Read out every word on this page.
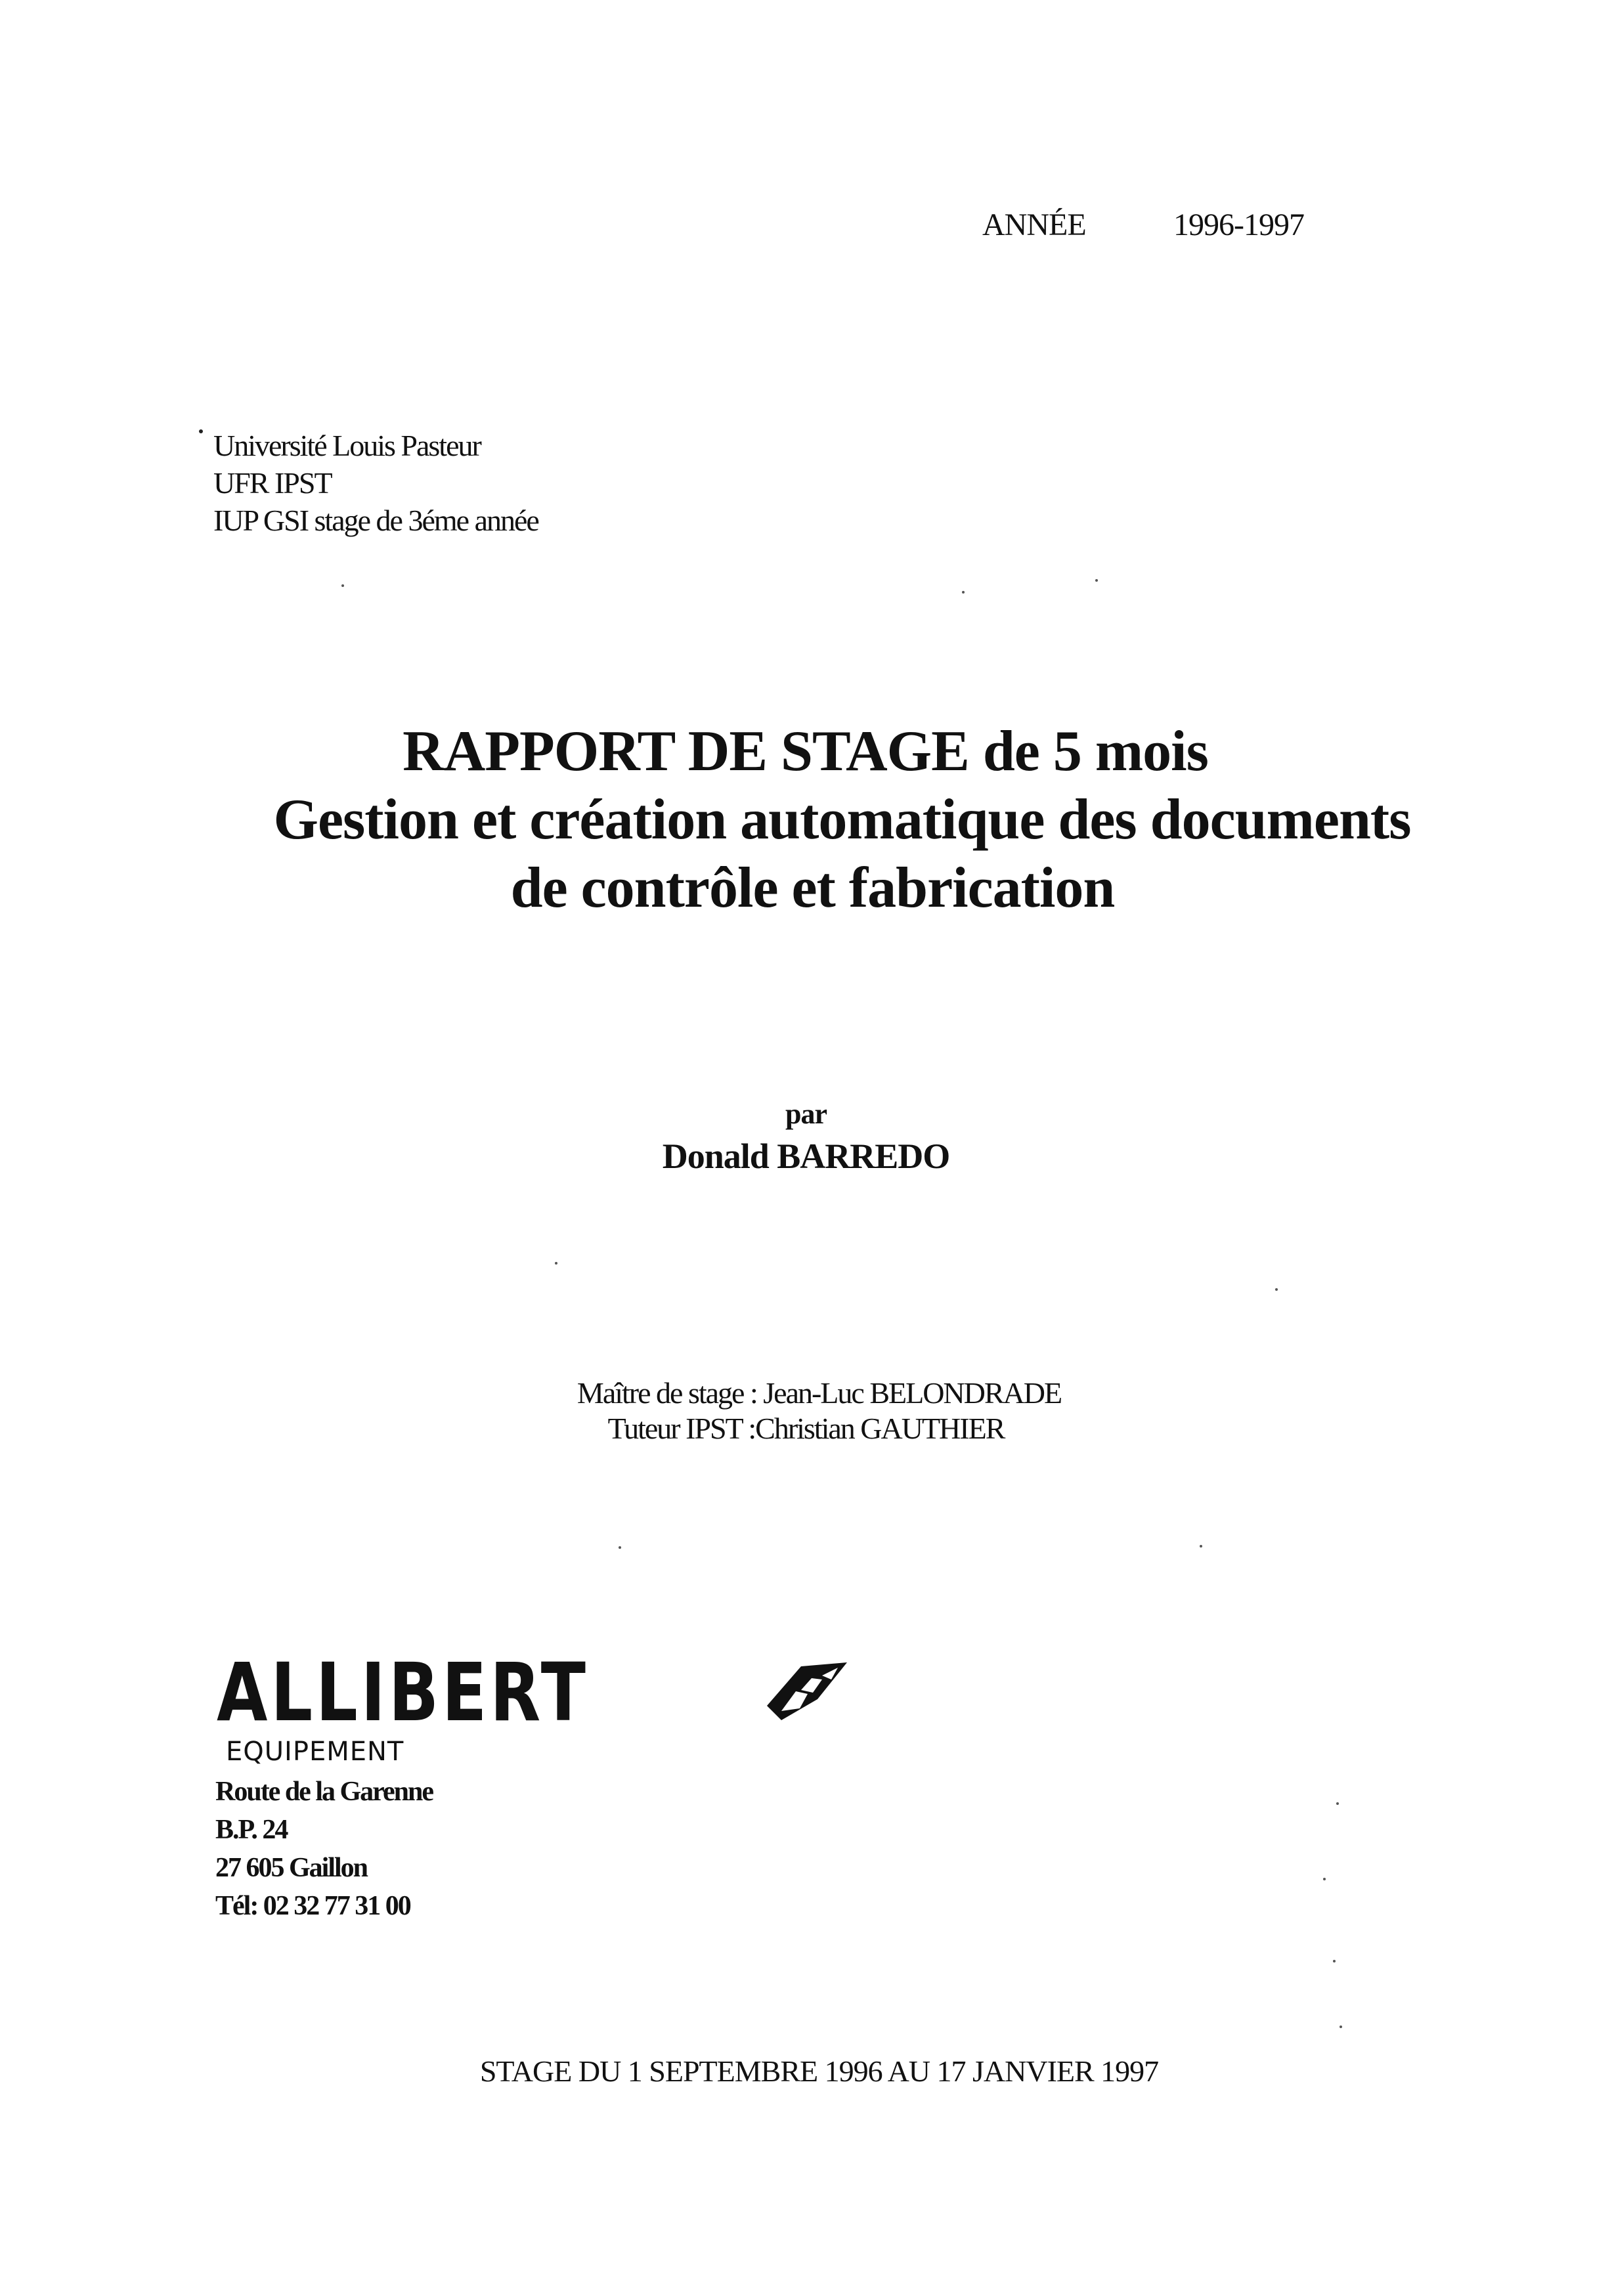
ANNÉE	1996-1997
Université Louis Pasteur
UFR IPST
IUP GSI stage de 3éme année
RAPPORT DE STAGE de 5 mois
Gestion et création automatique des documents
de contrôle et fabrication
par
Donald BARREDO
Maître de stage : Jean-Luc BELONDRADE
Tuteur IPST :Christian GAUTHIER
ALLIBERT
EQUIPEMENT
Route de la Garenne
B.P. 24
27 605 Gaillon
Tél: 02 32 77 31 00
STAGE DU 1 SEPTEMBRE 1996 AU 17 JANVIER 1997
